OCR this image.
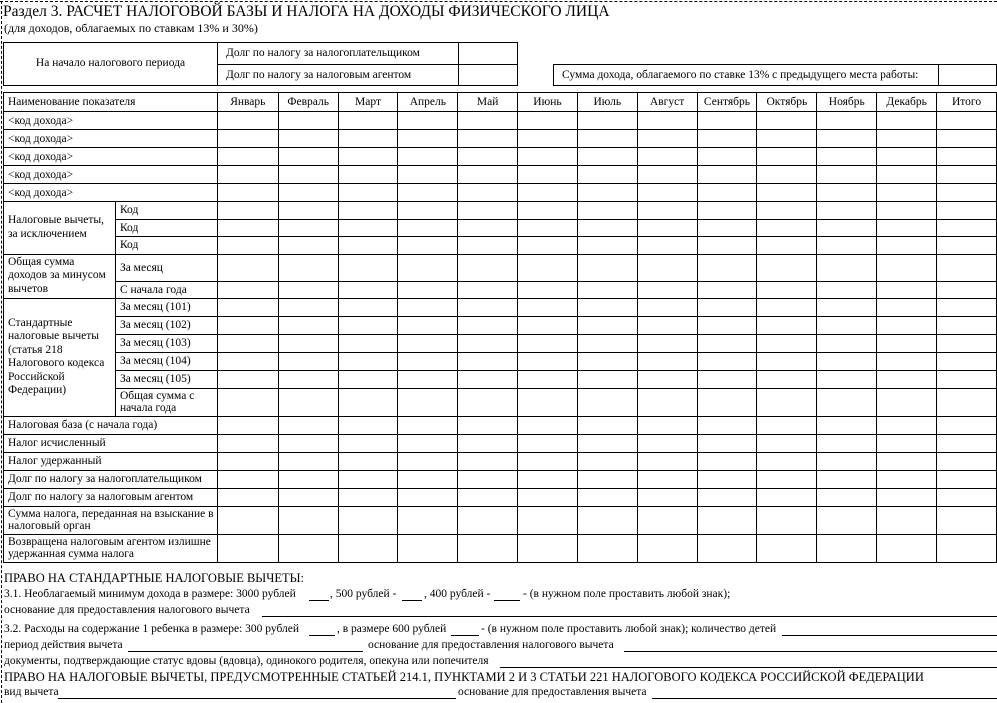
Раздел 3. РАСЧЕТ НАЛОГОВОЙ БАЗЫ И НАЛОГА НА ДОХОДЫ ФИЗИЧЕСКОГО ЛИЦА
(для доходов, облагаемых по ставкам 13% и 30%)
На начало налогового периода
Долг по налогу за налогоплательщиком
Долг по налогу за налоговым агентом	Сумма дохода, облагаемого по ставке 13% с предыдущего места работы:
Наименование показателя		Январь	Февраль	Март	Апрель	Май	Июнь	Июль	Август	Сентябрь	Октябрь	Ноябрь	Декабрь	Итого
<код дохода>														
<код дохода>														
<код дохода>														
<код дохода>														
<код дохода>														
Налоговые вычеты, за исключением	Код													
	Код													
	Код													
Общая сумма доходов за минусом вычетов	За месяц													
	С начала года													
Стандартные налоговые вычеты (статья 218 Налогового кодекса Российской Федерации)	За месяц (101)													
	За месяц (102)													
	За месяц (103)													
	За месяц (104)													
	За месяц (105)													
	Общая сумма с начала года													
Налоговая база (с начала года)														
Налог исчисленный														
Налог удержанный														
Долг по налогу за налогоплательщиком														
Долг по налогу за налоговым агентом														
Сумма налога, переданная на взыскание в налоговый орган														
Возвращена налоговым агентом излишне удержанная сумма налога														
ПРАВО НА СТАНДАРТНЫЕ НАЛОГОВЫЕ ВЫЧЕТЫ:
3.1. Необлагаемый минимум дохода в размере: 3000 рублей	, 500 рублей - , 400 рублей -	- (в нужном поле проставить любой знак);
основание для предоставления налогового вычета
3.2. Расходы на содержание 1 ребенка в размере: 300 рублей	, в размере 600 рублей	- (в нужном поле проставить любой знак); количество детей
период действия вычета	основание для предоставления налогового вычета
документы, подтверждающие статус вдовы (вдовца), одинокого родителя, опекуна или попечителя
ПРАВО НА НАЛОГОВЫЕ ВЫЧЕТЫ, ПРЕДУСМОТРЕННЫЕ СТАТЬЕЙ 214.1, ПУНКТАМИ 2 И 3 СТАТЬИ 221 НАЛОГОВОГО КОДЕКСА РОССИЙСКОЙ ФЕДЕРАЦИИ
вид вычета	основание для предоставления вычета
